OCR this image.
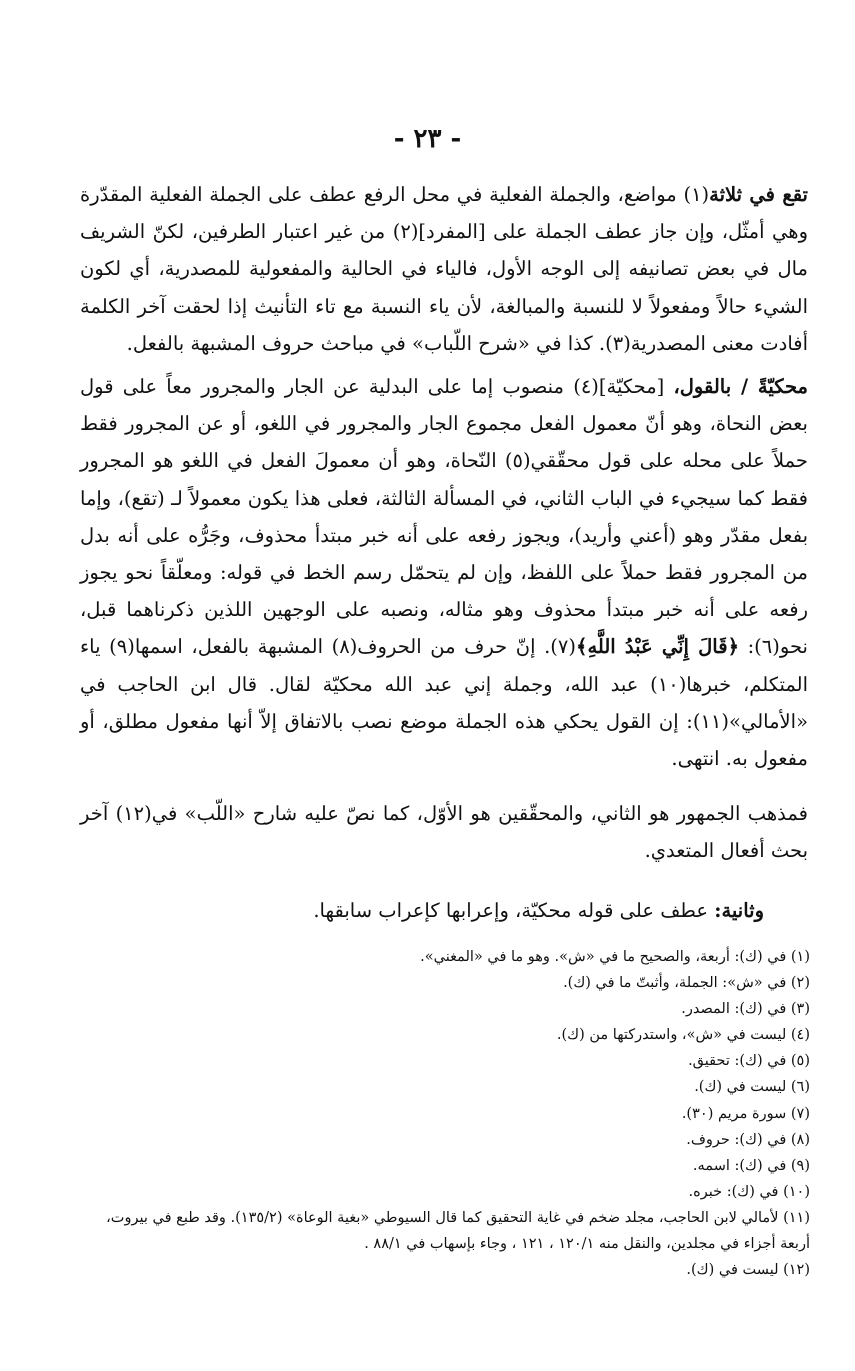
- ٢٣ -

تقع في ثلاثة(١) مواضع، والجملة الفعلية في محل الرفع عطف على الجملة الفعلية المقدّرة وهي أمثّل، وإن جاز عطف الجملة على [المفرد](٢) من غير اعتبار الطرفين، لكنّ الشريف مال في بعض تصانيفه إلى الوجه الأول، فالياء في الحالية والمفعولية للمصدرية، أي لكون الشيء حالاً ومفعولاً لا للنسبة والمبالغة، لأن ياء النسبة مع تاء التأنيث إذا لحقت آخر الكلمة أفادت معنى المصدرية(٣). كذا في «شرح اللّباب» في مباحث حروف المشبهة بالفعل.

محكيّةً / بالقول، [محكيّة](٤) منصوب إما على البدلية عن الجار والمجرور معاً على قول بعض النحاة، وهو أنّ معمول الفعل مجموع الجار والمجرور في اللغو، أو عن المجرور فقط حملاً على محله على قول محقّقي(٥) النّحاة، وهو أن معمولَ الفعل في اللغو هو المجرور فقط كما سيجيء في الباب الثاني، في المسألة الثالثة، فعلى هذا يكون معمولاً لـ (تقع)، وإما بفعل مقدّر وهو (أعني وأريد)، ويجوز رفعه على أنه خبر مبتدأ محذوف، وجَرُّه على أنه بدل من المجرور فقط حملاً على اللفظ، وإن لم يتحمّل رسم الخط في قوله: ومعلّقاً نحو يجوز رفعه على أنه خبر مبتدأ محذوف وهو مثاله، ونصبه على الوجهين اللذين ذكرناهما قبل، نحو(٦): ﴿قَالَ إِنِّي عَبْدُ اللَّهِ﴾(٧). إنّ حرف من الحروف(٨) المشبهة بالفعل، اسمها(٩) ياء المتكلم، خبرها(١٠) عبد الله، وجملة إني عبد الله محكيّة لقال. قال ابن الحاجب في «الأمالي»(١١): إن القول يحكي هذه الجملة موضع نصب بالاتفاق إلاّ أنها مفعول مطلق، أو مفعول به. انتهى.

فمذهب الجمهور هو الثاني، والمحقّقين هو الأوّل، كما نصّ عليه شارح «اللّب» في(١٢) آخر بحث أفعال المتعدي.

وثانية: عطف على قوله محكيّة، وإعرابها كإعراب سابقها.

(١) في (ك): أربعة، والصحيح ما في «ش». وهو ما في «المغني».

(٢) في «ش»: الجملة، وأثبتّ ما في (ك).

(٣) في (ك): المصدر.

(٤) ليست في «ش»، واستدركتها من (ك).

(٥) في (ك): تحقيق.

(٦) ليست في (ك).

(٧) سورة مريم (٣٠).

(٨) في (ك): حروف.

(٩) في (ك): اسمه.

(١٠) في (ك): خبره.

(١١) لأمالي لابن الحاجب، مجلد ضخم في غاية التحقيق كما قال السيوطي «بغية الوعاة» (١٣٥/٢). وقد طبع في بيروت، أربعة أجزاء في مجلدين، والنقل منه ١٢٠/١ ، ١٢١ ، وجاء بإسهاب في ٨٨/١ .

(١٢) ليست في (ك).
